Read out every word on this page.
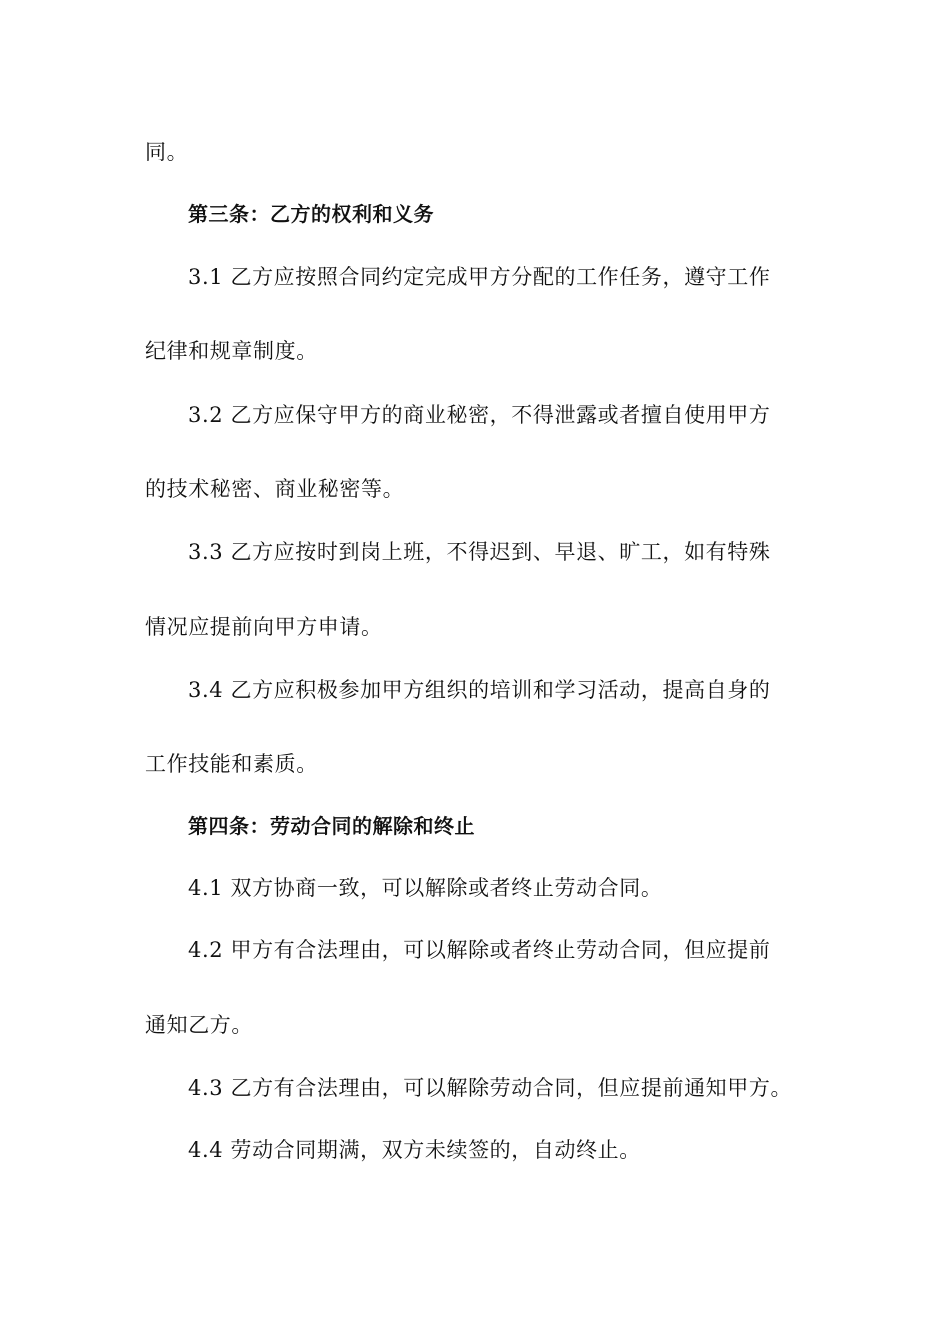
同。
第三条：乙方的权利和义务
3.1 乙方应按照合同约定完成甲方分配的工作任务，遵守工作
纪律和规章制度。
3.2 乙方应保守甲方的商业秘密，不得泄露或者擅自使用甲方
的技术秘密、商业秘密等。
3.3 乙方应按时到岗上班，不得迟到、早退、旷工，如有特殊
情况应提前向甲方申请。
3.4 乙方应积极参加甲方组织的培训和学习活动，提高自身的
工作技能和素质。
第四条：劳动合同的解除和终止
4.1 双方协商一致，可以解除或者终止劳动合同。
4.2 甲方有合法理由，可以解除或者终止劳动合同，但应提前
通知乙方。
4.3 乙方有合法理由，可以解除劳动合同，但应提前通知甲方。
4.4 劳动合同期满，双方未续签的，自动终止。
